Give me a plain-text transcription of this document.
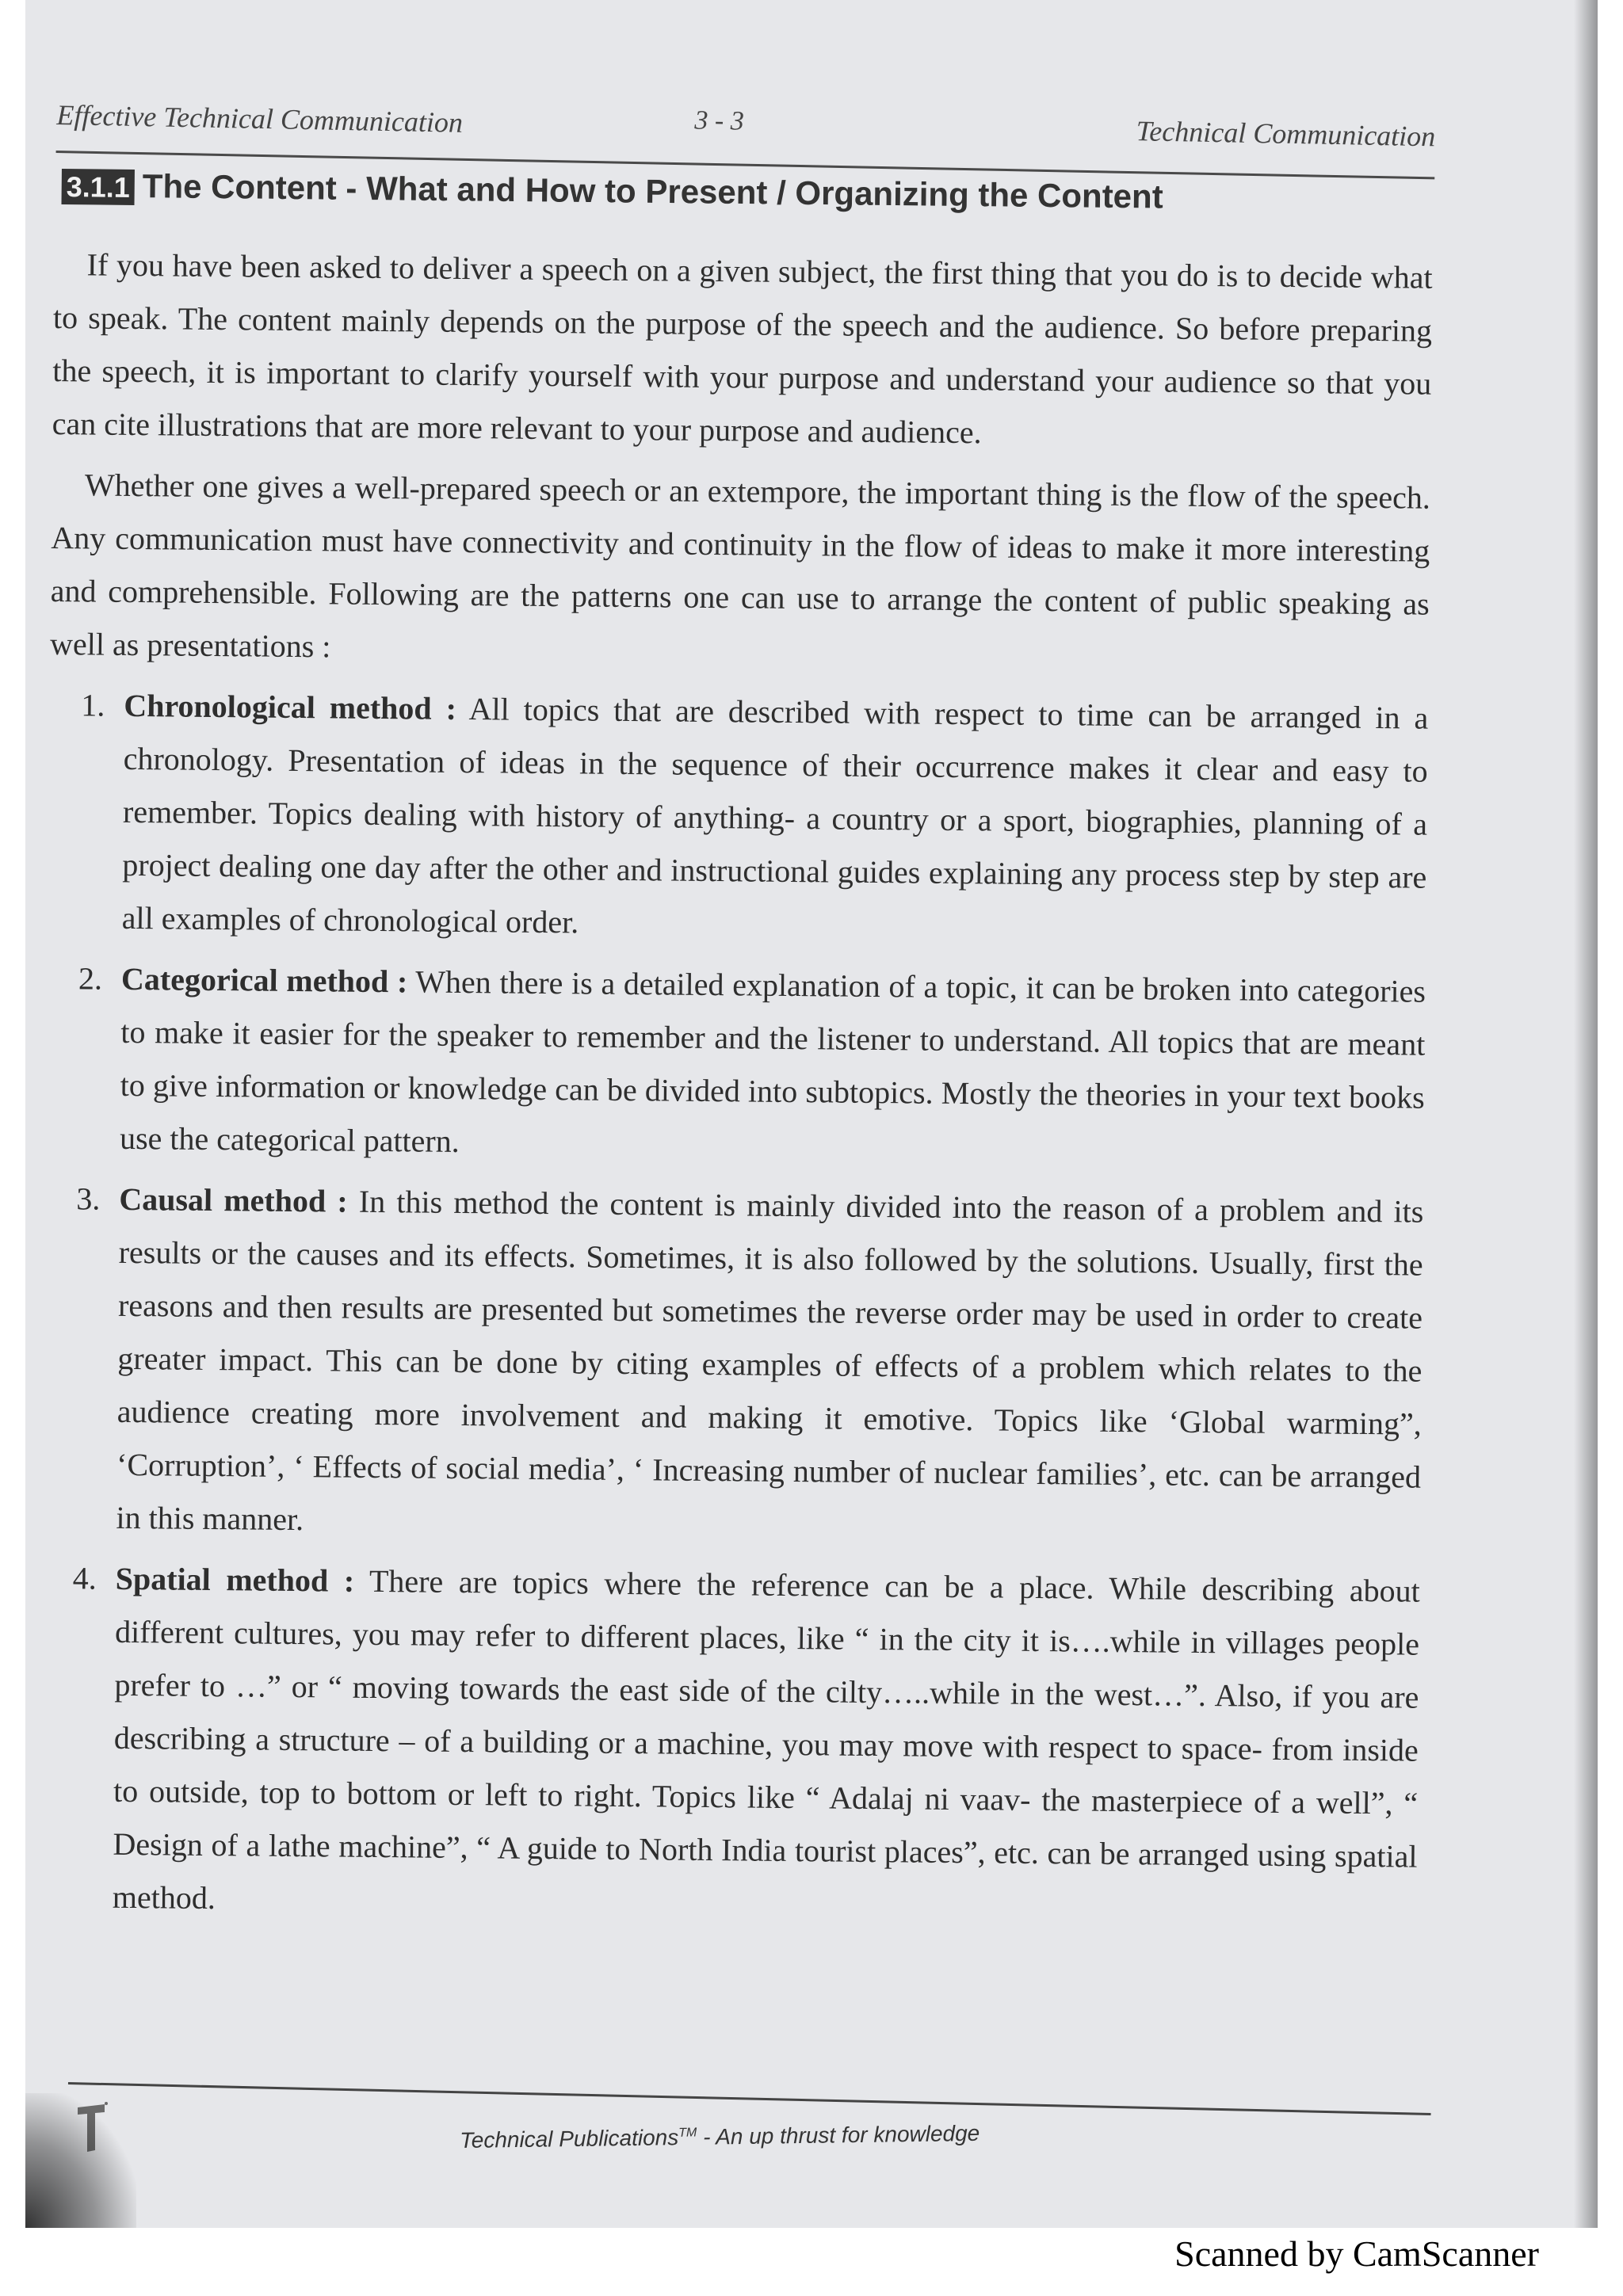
Effective Technical Communication	3 - 3	Technical Communication
3.1.1 The Content - What and How to Present / Organizing the Content

If you have been asked to deliver a speech on a given subject, the first thing that you do is to decide what to speak. The content mainly depends on the purpose of the speech and the audience. So before preparing the speech, it is important to clarify yourself with your purpose and understand your audience so that you can cite illustrations that are more relevant to your purpose and audience.

Whether one gives a well-prepared speech or an extempore, the important thing is the flow of the speech. Any communication must have connectivity and continuity in the flow of ideas to make it more interesting and comprehensible. Following are the patterns one can use to arrange the content of public speaking as well as presentations :

1. Chronological method : All topics that are described with respect to time can be arranged in a chronology. Presentation of ideas in the sequence of their occurrence makes it clear and easy to remember. Topics dealing with history of anything- a country or a sport, biographies, planning of a project dealing one day after the other and instructional guides explaining any process step by step are all examples of chronological order.
2. Categorical method : When there is a detailed explanation of a topic, it can be broken into categories to make it easier for the speaker to remember and the listener to understand. All topics that are meant to give information or knowledge can be divided into subtopics. Mostly the theories in your text books use the categorical pattern.
3. Causal method : In this method the content is mainly divided into the reason of a problem and its results or the causes and its effects. Sometimes, it is also followed by the solutions. Usually, first the reasons and then results are presented but sometimes the reverse order may be used in order to create greater impact. This can be done by citing examples of effects of a problem which relates to the audience creating more involvement and making it emotive. Topics like ‘Global warming”, ‘Corruption’, ‘ Effects of social media’, ‘ Increasing number of nuclear families’, etc. can be arranged in this manner.
4. Spatial method : There are topics where the reference can be a place. While describing about different cultures, you may refer to different places, like “ in the city it is….while in villages people prefer to …” or “ moving towards the east side of the cilty…..while in the west…”. Also, if you are describing a structure – of a building or a machine, you may move with respect to space- from inside to outside, top to bottom or left to right. Topics like “ Adalaj ni vaav- the masterpiece of a well”, “ Design of a lathe machine”, “ A guide to North India tourist places”, etc. can be arranged using spatial method.
Technical Publications™ - An up thrust for knowledge
Scanned by CamScanner
